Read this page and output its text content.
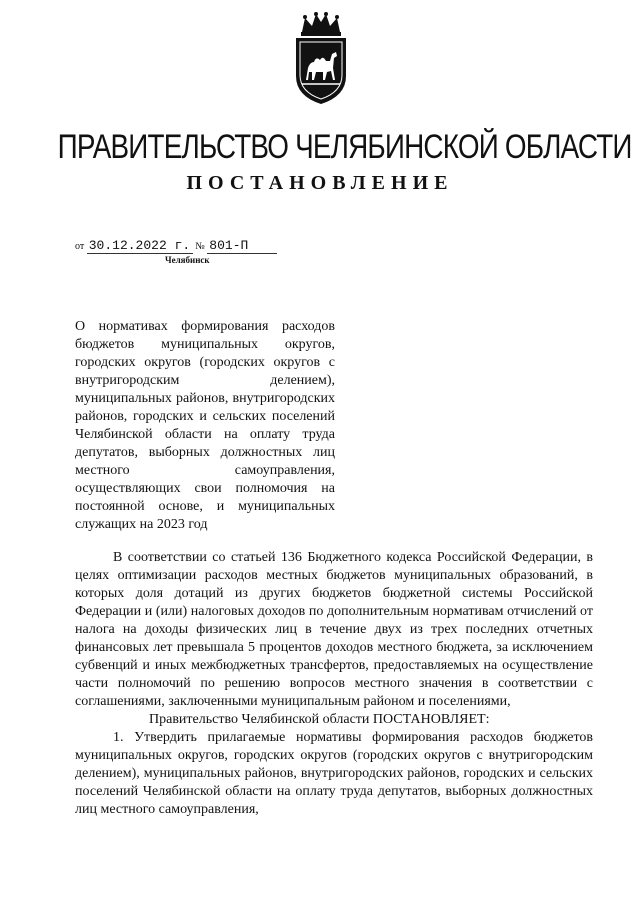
ПРАВИТЕЛЬСТВО ЧЕЛЯБИНСКОЙ ОБЛАСТИ
ПОСТАНОВЛЕНИЕ
от 30.12.2022 г. № 801-П
Челябинск
О нормативах формирования расходов бюджетов муниципальных округов, городских округов (городских округов с внутригородским делением), муниципальных районов, внутригородских районов, городских и сельских поселений Челябинской области на оплату труда депутатов, выборных должностных лиц местного самоуправления, осуществляющих свои полномочия на постоянной основе, и муниципальных служащих на 2023 год

В соответствии со статьей 136 Бюджетного кодекса Российской Федерации, в целях оптимизации расходов местных бюджетов муниципальных образований, в которых доля дотаций из других бюджетов бюджетной системы Российской Федерации и (или) налоговых доходов по дополнительным нормативам отчислений от налога на доходы физических лиц в течение двух из трех последних отчетных финансовых лет превышала 5 процентов доходов местного бюджета, за исключением субвенций и иных межбюджетных трансфертов, предоставляемых на осуществление части полномочий по решению вопросов местного значения в соответствии с соглашениями, заключенными муниципальным районом и поселениями,

Правительство Челябинской области ПОСТАНОВЛЯЕТ:

1. Утвердить прилагаемые нормативы формирования расходов бюджетов муниципальных округов, городских округов (городских округов с внутригородским делением), муниципальных районов, внутригородских районов, городских и сельских поселений Челябинской области на оплату труда депутатов, выборных должностных лиц местного самоуправления,
